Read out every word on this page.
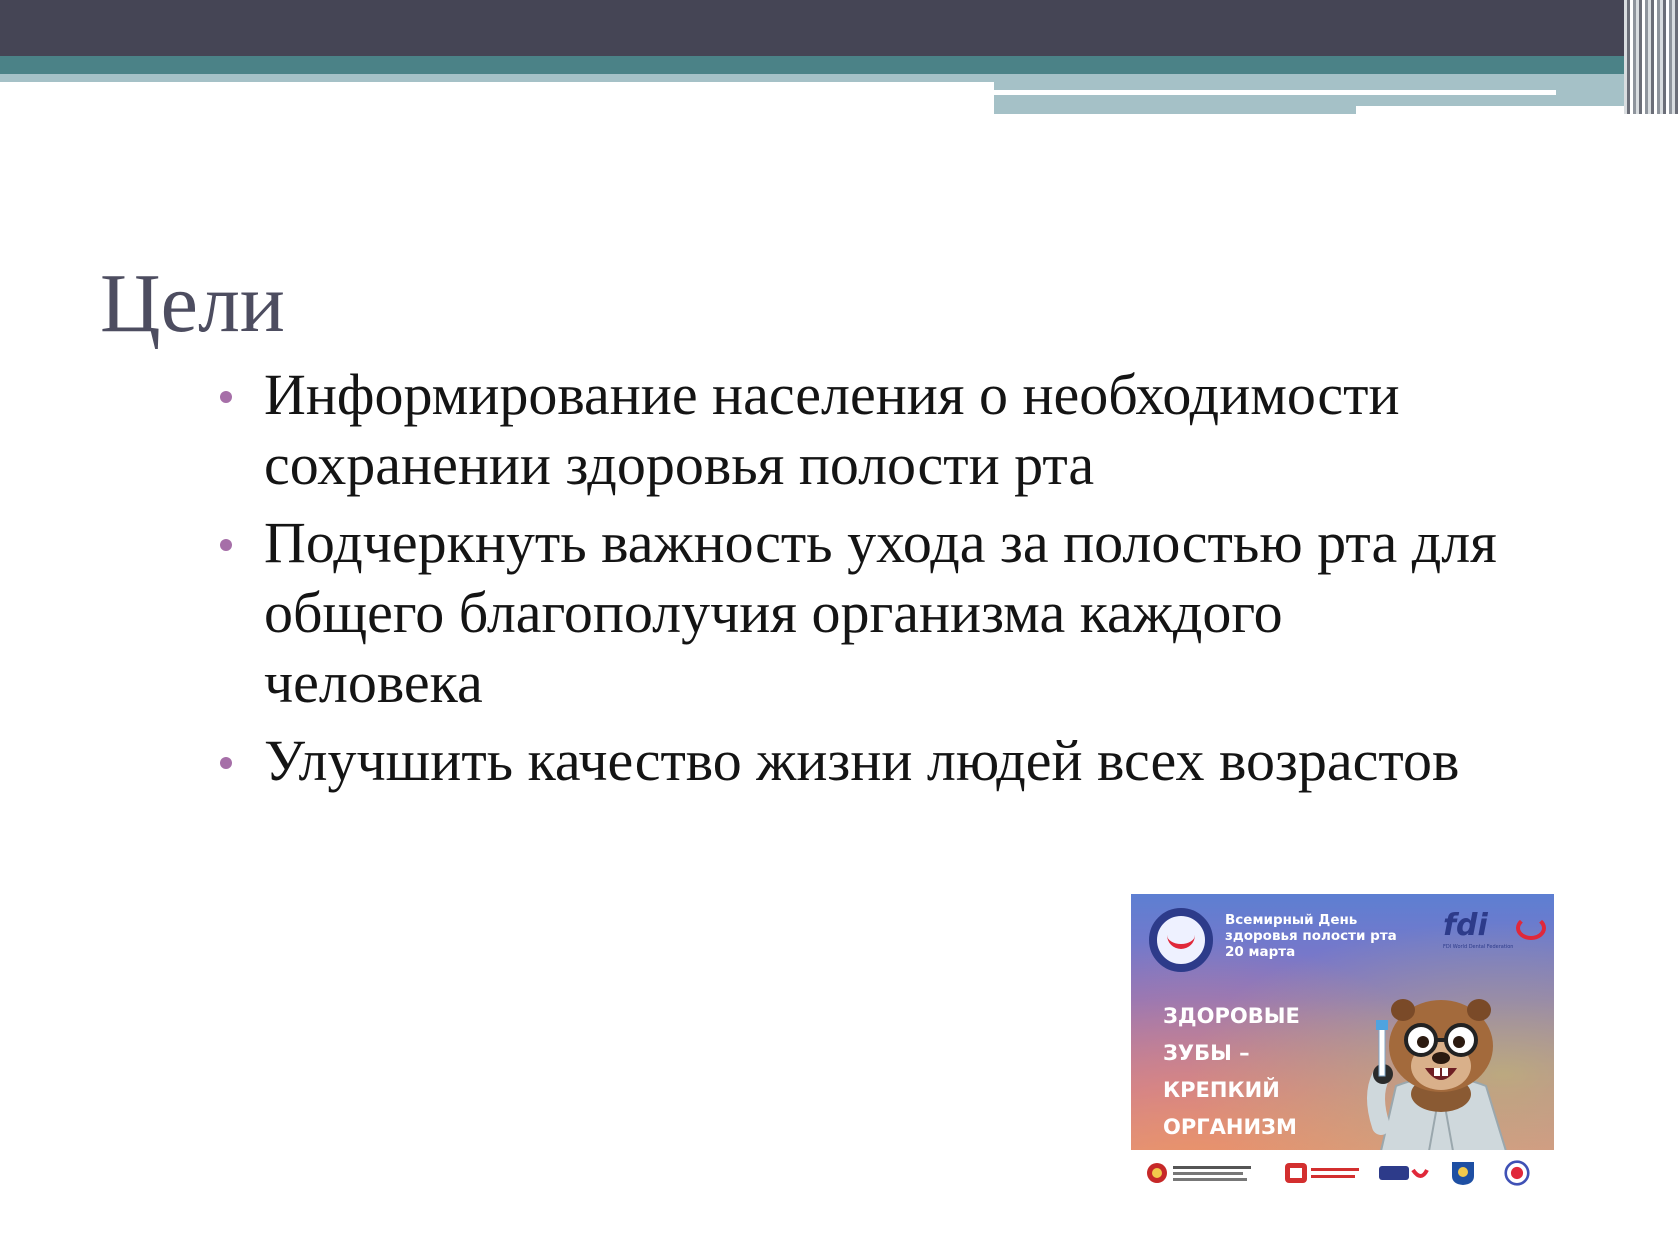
Цели
Информирование населения о необходимости сохранении здоровья полости рта
Подчеркнуть важность ухода за полостью рта для общего благополучия организма каждого человека
Улучшить качество жизни людей всех возрастов
Всемирный День
здоровья полости рта
20 марта
fdi
FDI World Dental Federation
ЗДОРОВЫЕ
ЗУБЫ –
КРЕПКИЙ
ОРГАНИЗМ
